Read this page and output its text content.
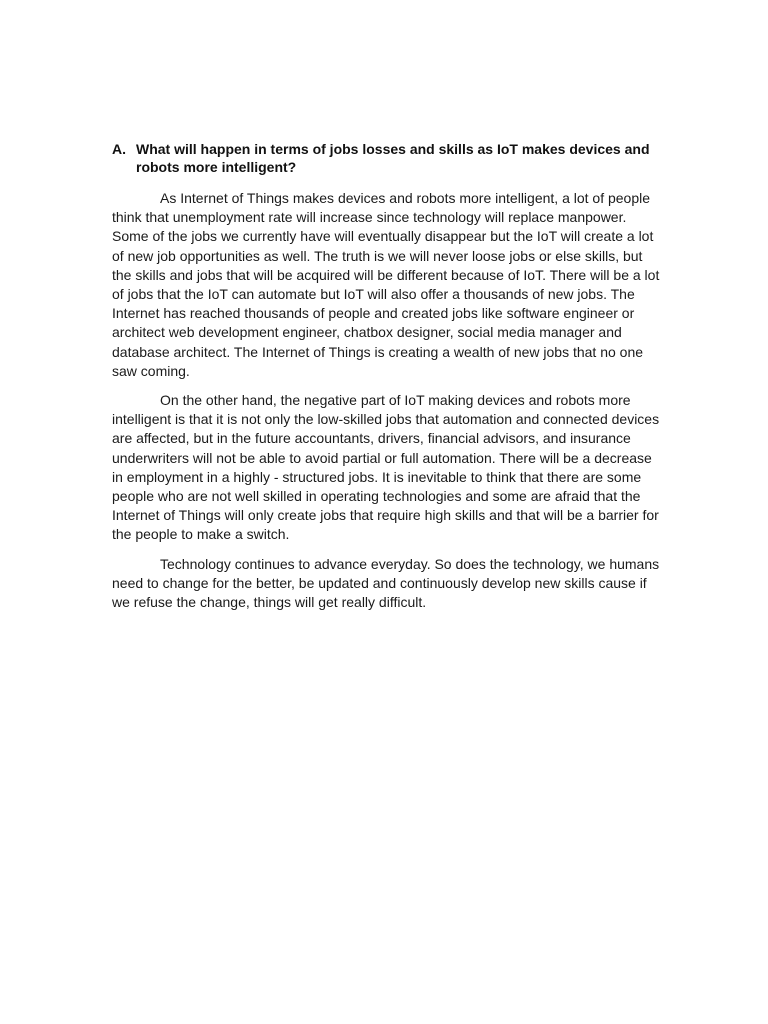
A. What will happen in terms of jobs losses and skills as IoT makes devices and robots more intelligent?

As Internet of Things makes devices and robots more intelligent, a lot of people think that unemployment rate will increase since technology will replace manpower. Some of the jobs we currently have will eventually disappear but the IoT will create a lot of new job opportunities as well. The truth is we will never loose jobs or else skills, but the skills and jobs that will be acquired will be different because of IoT. There will be a lot of jobs that the IoT can automate but IoT will also offer a thousands of new jobs. The Internet has reached thousands of people and created jobs like software engineer or architect web development engineer, chatbox designer, social media manager and database architect. The Internet of Things is creating a wealth of new jobs that no one saw coming.

On the other hand, the negative part of IoT making devices and robots more intelligent is that it is not only the low-skilled jobs that automation and connected devices are affected, but in the future accountants, drivers, financial advisors, and insurance underwriters will not be able to avoid partial or full automation. There will be a decrease in employment in a highly - structured jobs. It is inevitable to think that there are some people who are not well skilled in operating technologies and some are afraid that the Internet of Things will only create jobs that require high skills and that will be a barrier for the people to make a switch.

Technology continues to advance everyday. So does the technology, we humans need to change for the better, be updated and continuously develop new skills cause if we refuse the change, things will get really difficult.
